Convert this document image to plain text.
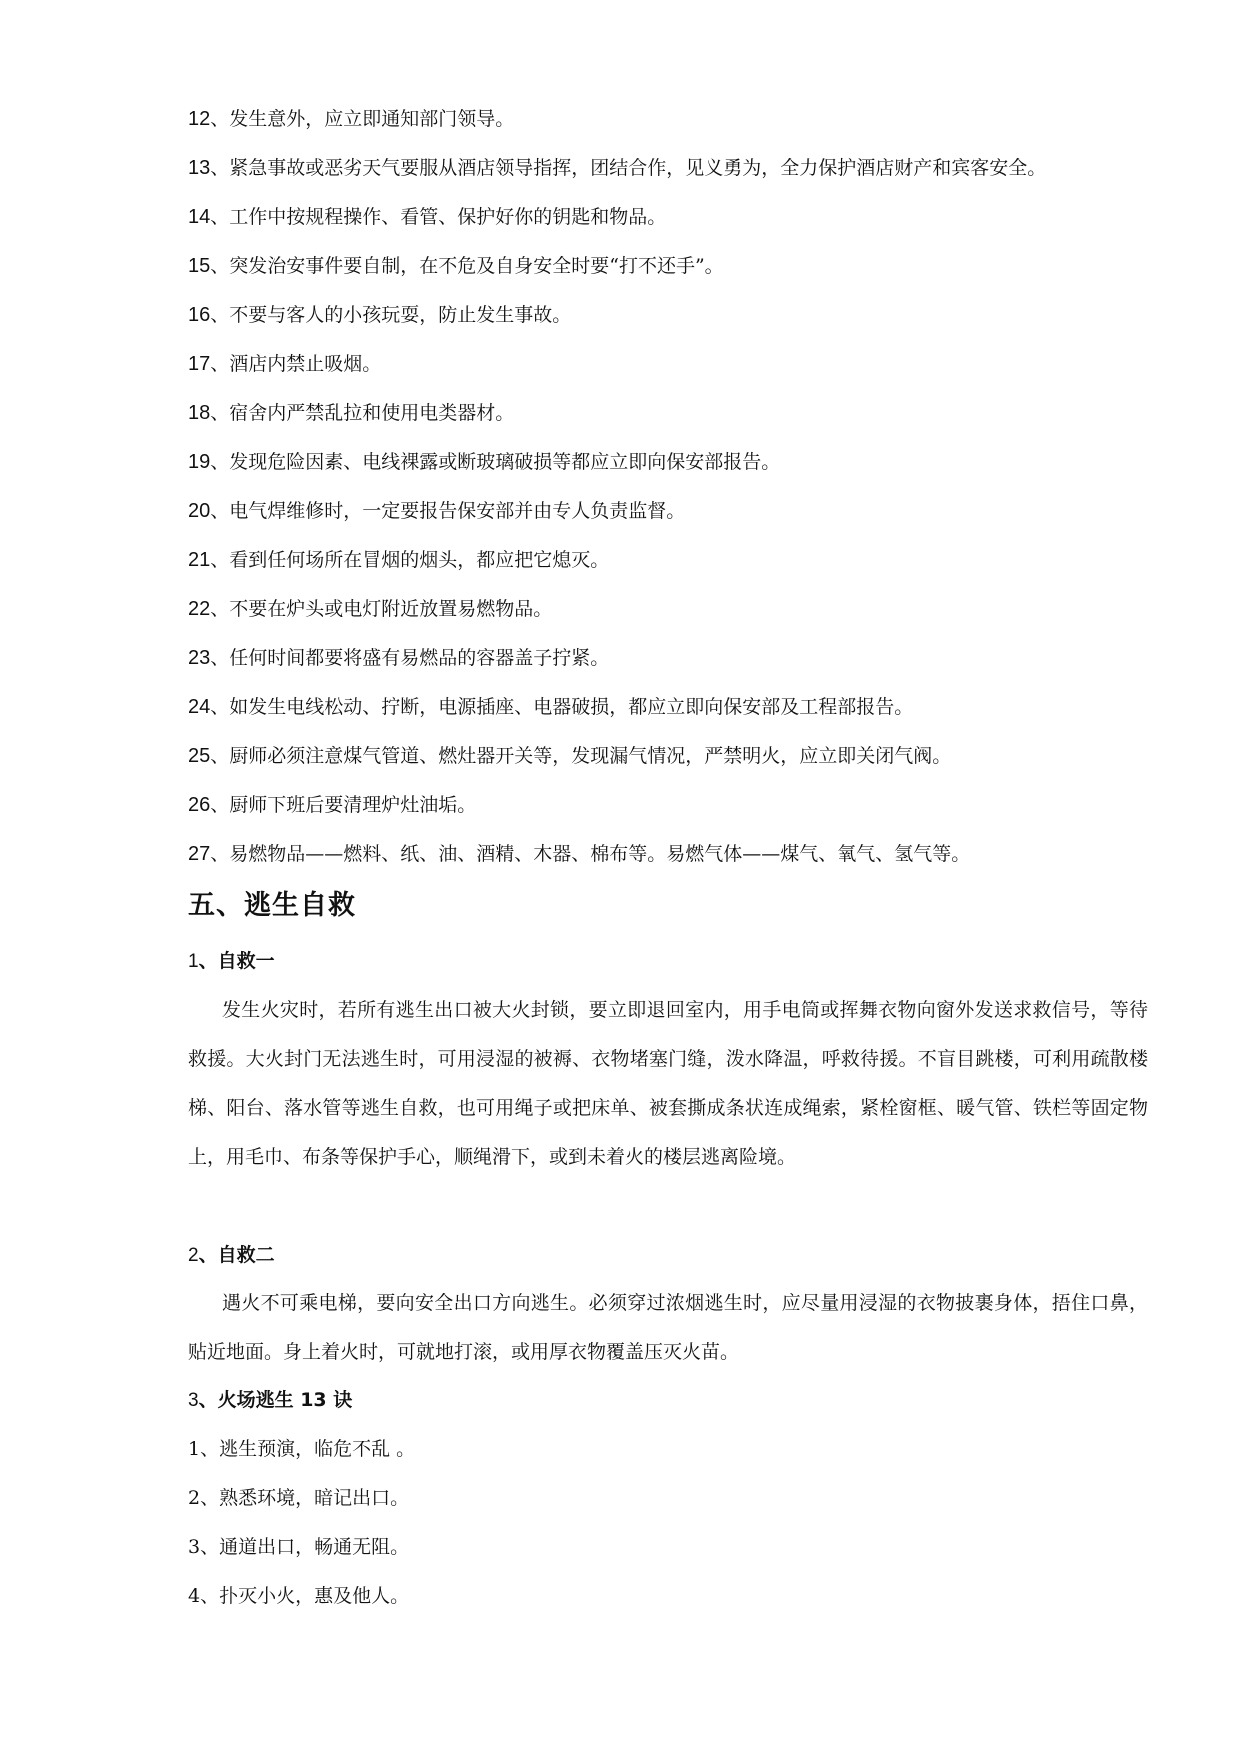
12 、发生意外，应立即通知部门领导。
13 、紧急事故或恶劣天气要服从酒店领导指挥，团结合作，见义勇为，全力保护酒店财产和宾客安全。
14 、工作中按规程操作、看管、保护好你的钥匙和物品。
15 、突发治安事件要自制，在不危及自身安全时要“打不还手”。
16 、不要与客人的小孩玩耍，防止发生事故。
17 、酒店内禁止吸烟。
18 、宿舍内严禁乱拉和使用电类器材。
19 、发现危险因素、电线裸露或断玻璃破损等都应立即向保安部报告。
20 、电气焊维修时，一定要报告保安部并由专人负责监督。
21 、看到任何场所在冒烟的烟头，都应把它熄灭。
22 、不要在炉头或电灯附近放置易燃物品。
23 、任何时间都要将盛有易燃品的容器盖子拧紧。
24 、如发生电线松动、拧断，电源插座、电器破损，都应立即向保安部及工程部报告。
25 、厨师必须注意煤气管道、燃灶器开关等，发现漏气情况，严禁明火，应立即关闭气阀。
26 、厨师下班后要清理炉灶油垢。
27 、易燃物品——燃料、纸、油、酒精、木器、棉布等。易燃气体——煤气、氧气、氢气等。
五、逃生自救
1、自救一

发生火灾时，若所有逃生出口被大火封锁，要立即退回室内，用手电筒或挥舞衣物向窗外发送求救信号，等待救援。大火封门无法逃生时，可用浸湿的被褥、衣物堵塞门缝，泼水降温，呼救待援。不盲目跳楼，可利用疏散楼梯、阳台、落水管等逃生自救，也可用绳子或把床单、被套撕成条状连成绳索，紧栓窗框、暖气管、铁栏等固定物上，用毛巾、布条等保护手心，顺绳滑下，或到未着火的楼层逃离险境。

2、自救二

遇火不可乘电梯，要向安全出口方向逃生。必须穿过浓烟逃生时，应尽量用浸湿的衣物披裹身体，捂住口鼻，贴近地面。身上着火时，可就地打滚，或用厚衣物覆盖压灭火苗。

3、火场逃生 13 诀
1、逃生预演，临危不乱 。
2、熟悉环境，暗记出口。
3、通道出口，畅通无阻。
4、扑灭小火，惠及他人。
